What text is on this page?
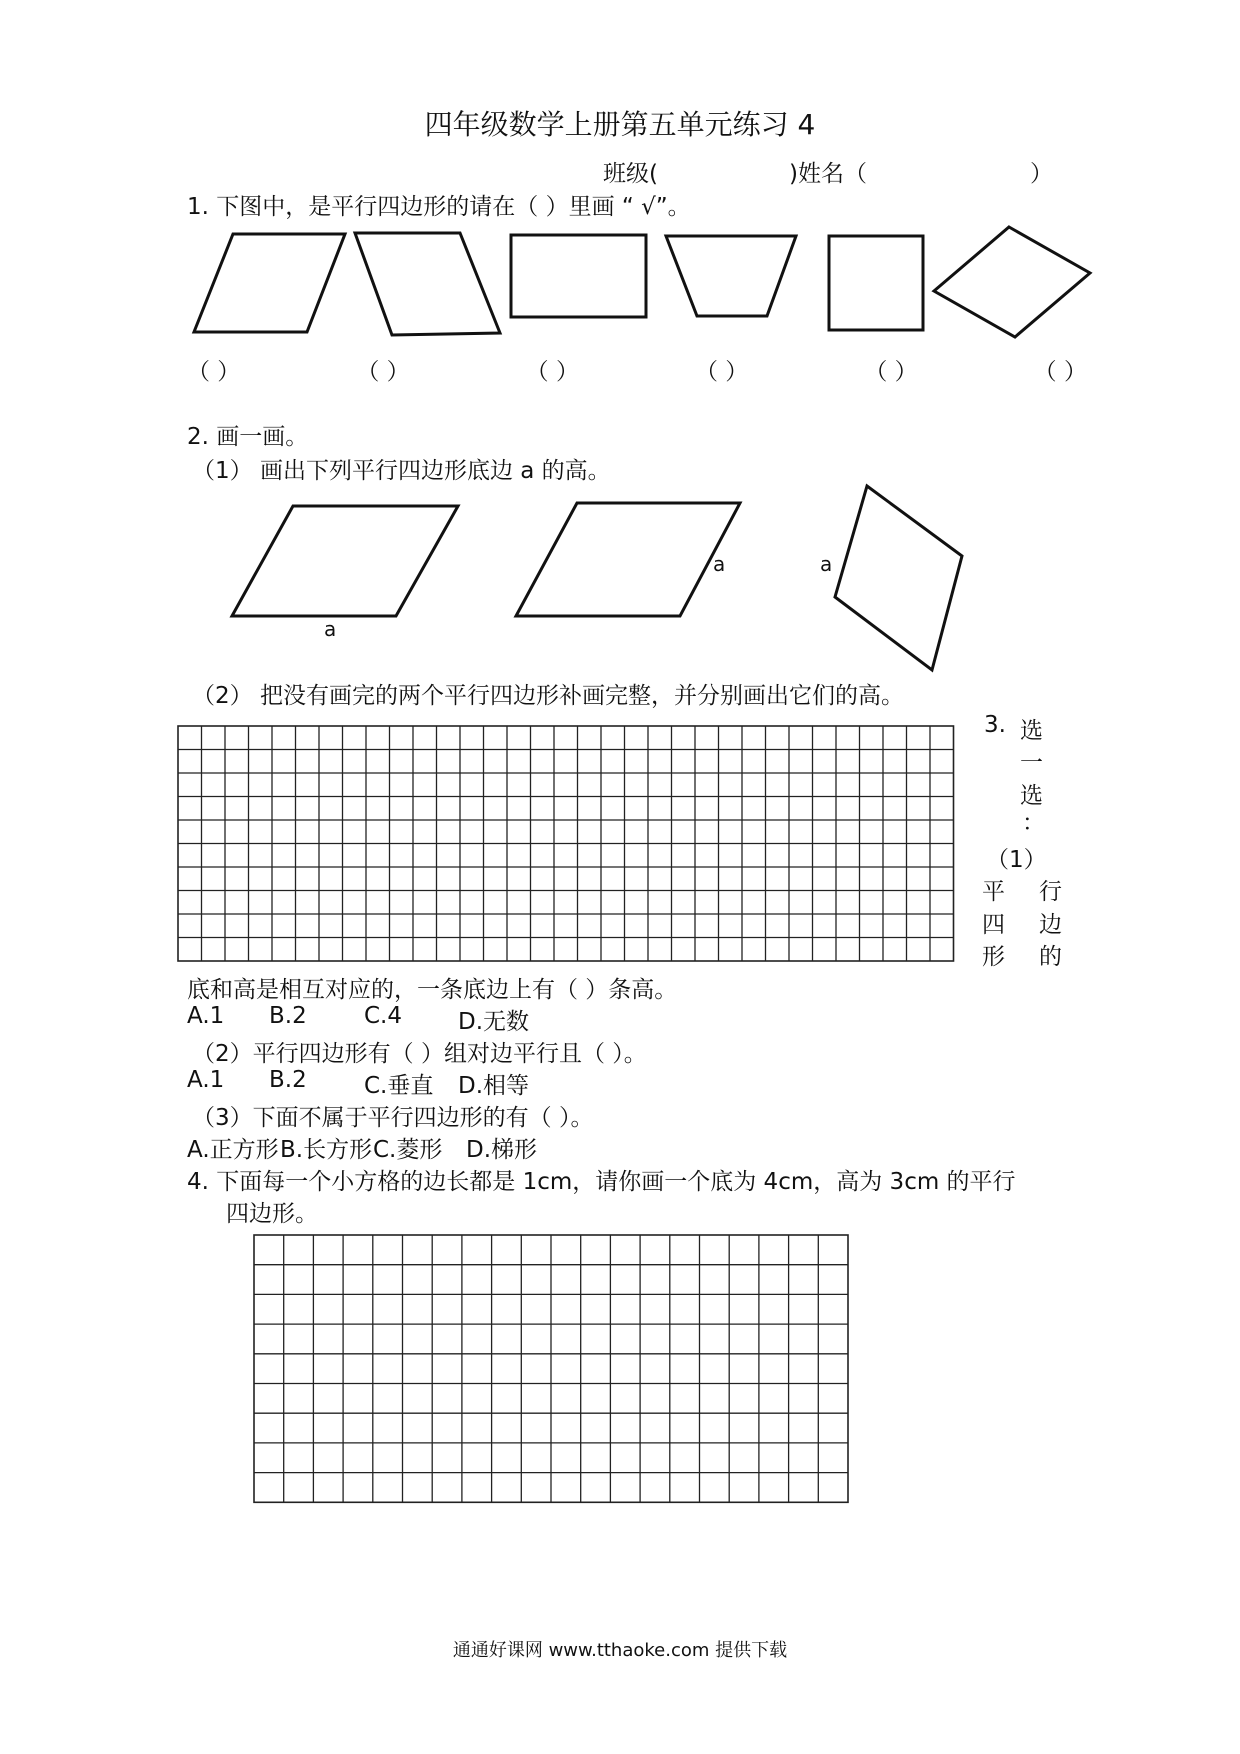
四年级数学上册第五单元练习 4
班级(	)姓名（	）
1. 下图中，是平行四边形的请在（ ）里画 “ √”。
（ ）	（ ）	（ ）	（ ）	（ ）	（ ）
2. 画一画。
（1） 画出下列平行四边形底边 a 的高。
a
a	a
（2） 把没有画完的两个平行四边形补画完整，并分别画出它们的高。
3. 选
一
选
：
（1）
平 行
四 边
形 的
底和高是相互对应的，一条底边上有（ ）条高。
A.1	B.2	C.4	D.无数
（2）平行四边形有（ ）组对边平行且（ ）。
A.1	B.2	C.垂直	D.相等
（3）下面不属于平行四边形的有（ ）。
A.正方形 B.长方形 C.菱形	D.梯形
4. 下面每一个小方格的边长都是 1cm，请你画一个底为 4cm，高为 3cm 的平行
四边形。
通通好课网 www.tthaoke.com 提供下载
